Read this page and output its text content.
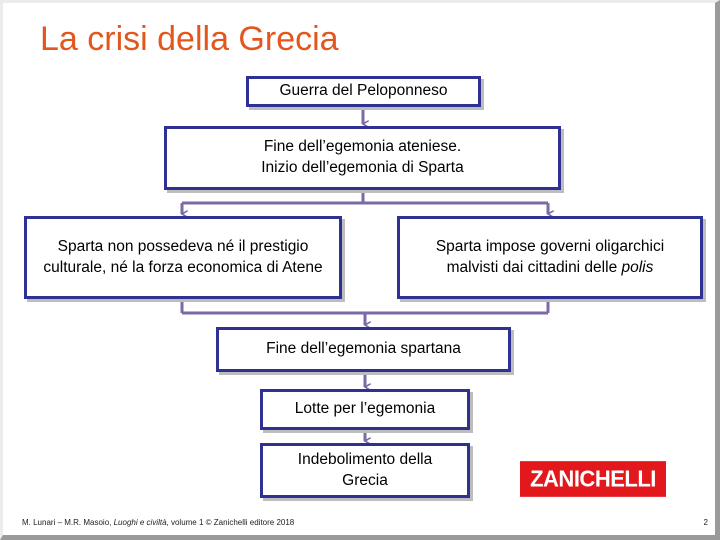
La crisi della Grecia
Guerra del Peloponneso
Fine dell’egemonia ateniese.
Inizio dell’egemonia di Sparta
Sparta non possedeva né il prestigio culturale, né la forza economica di Atene
Sparta impose governi oligarchici malvisti dai cittadini delle polis
Fine dell’egemonia spartana
Lotte per l’egemonia
Indebolimento della Grecia	ZANICHELLI
M. Lunari – M.R. Masoio, Luoghi e civiltà, volume 1 © Zanichelli editore 2018	2
